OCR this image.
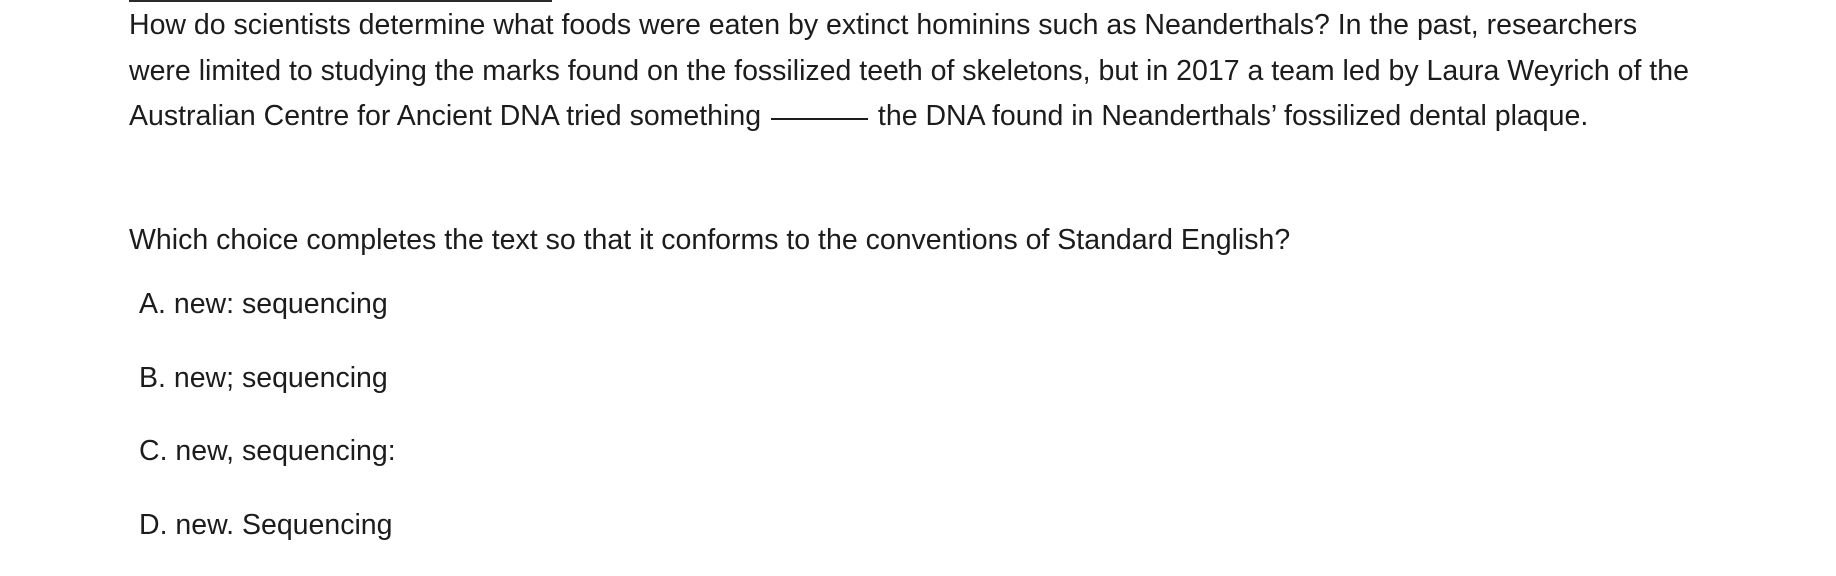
How do scientists determine what foods were eaten by extinct hominins such as Neanderthals? In the past, researchers were limited to studying the marks found on the fossilized teeth of skeletons, but in 2017 a team led by Laura Weyrich of the Australian Centre for Ancient DNA tried something	the DNA found in Neanderthals’ fossilized dental plaque.

Which choice completes the text so that it conforms to the conventions of Standard English?

A. new: sequencing
B. new; sequencing
C. new, sequencing:
D. new. Sequencing
